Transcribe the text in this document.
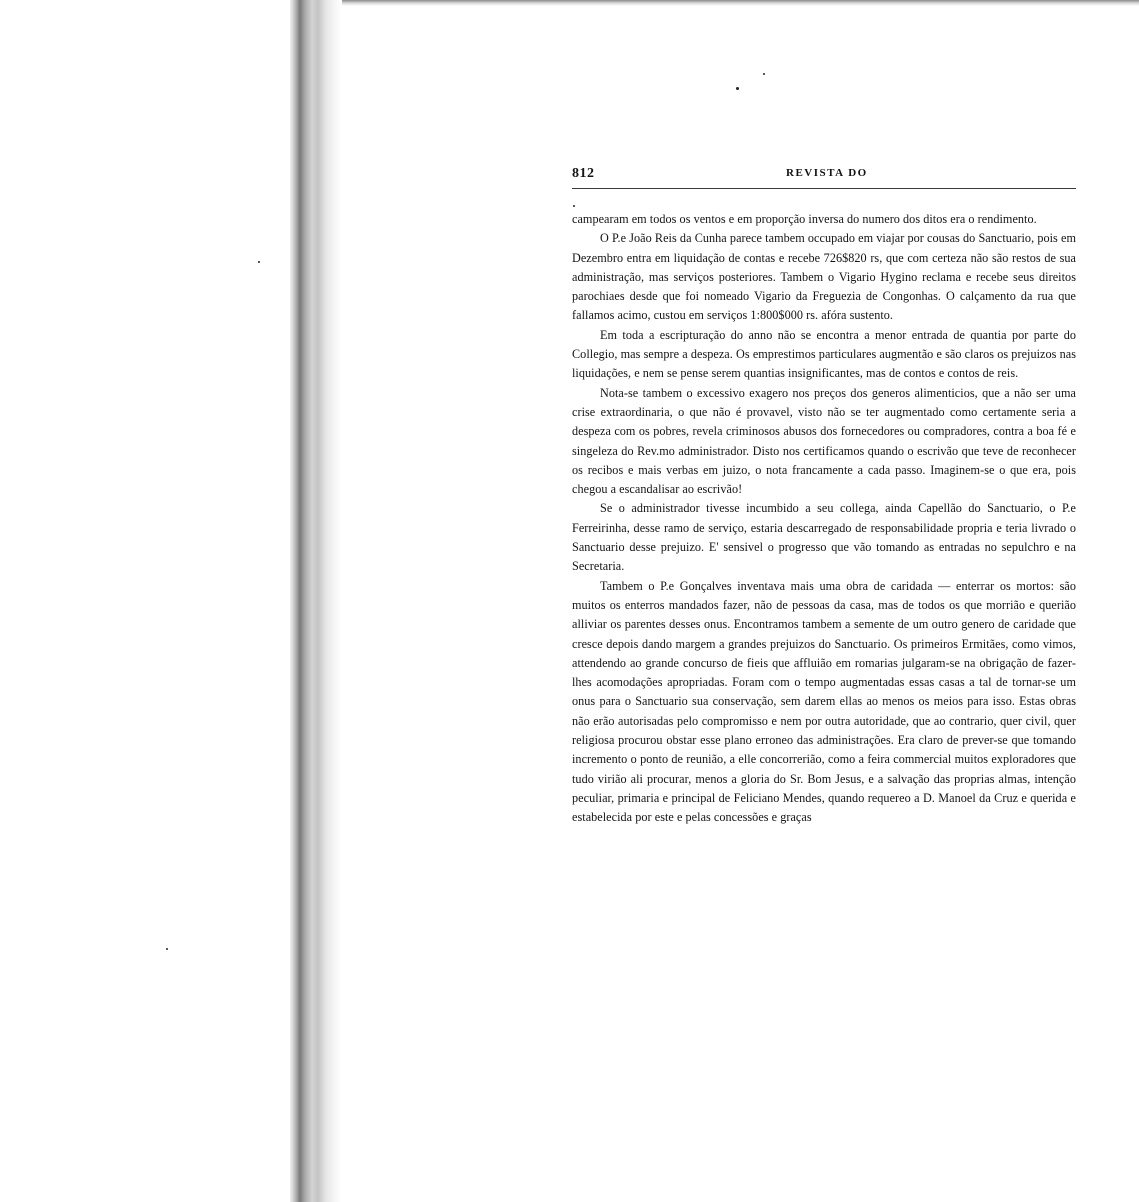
812	REVISTA DO

campearam em todos os ventos e em proporção inversa do numero dos ditos era o rendimento.

O P.e João Reis da Cunha parece tambem occupado em viajar por cousas do Sanctuario, pois em Dezembro entra em liquidação de contas e recebe 726$820 rs, que com certeza não são restos de sua administração, mas serviços posteriores. Tambem o Vigario Hygino reclama e recebe seus direitos parochiaes desde que foi nomeado Vigario da Freguezia de Congonhas. O calçamento da rua que fallamos acimo, custou em serviços 1:800$000 rs. afóra sustento.

Em toda a escripturação do anno não se encontra a menor entrada de quantia por parte do Collegio, mas sempre a despeza. Os emprestimos particulares augmentão e são claros os prejuizos nas liquidações, e nem se pense serem quantias insignificantes, mas de contos e contos de reis.

Nota-se tambem o excessivo exagero nos preços dos generos alimenticios, que a não ser uma crise extraordinaria, o que não é provavel, visto não se ter augmentado como certamente seria a despeza com os pobres, revela criminosos abusos dos fornecedores ou compradores, contra a boa fé e singeleza do Rev.mo administrador. Disto nos certificamos quando o escrivão que teve de reconhecer os recibos e mais verbas em juizo, o nota francamente a cada passo. Imaginem-se o que era, pois chegou a escandalisar ao escrivão!

Se o administrador tivesse incumbido a seu collega, ainda Capellão do Sanctuario, o P.e Ferreirinha, desse ramo de serviço, estaria descarregado de responsabilidade propria e teria livrado o Sanctuario desse prejuizo. E' sensivel o progresso que vão tomando as entradas no sepulchro e na Secretaria.

Tambem o P.e Gonçalves inventava mais uma obra de caridada — enterrar os mortos: são muitos os enterros mandados fazer, não de pessoas da casa, mas de todos os que morrião e querião alliviar os parentes desses onus. Encontramos tambem a semente de um outro genero de caridade que cresce depois dando margem a grandes prejuizos do Sanctuario. Os primeiros Ermitães, como vimos, attendendo ao grande concurso de fieis que affluião em romarias julgaram-se na obrigação de fazer-lhes acomodações apropriadas. Foram com o tempo augmentadas essas casas a tal de tornar-se um onus para o Sanctuario sua conservação, sem darem ellas ao menos os meios para isso. Estas obras não erão autorisadas pelo compromisso e nem por outra autoridade, que ao contrario, quer civil, quer religiosa procurou obstar esse plano erroneo das administrações. Era claro de prever-se que tomando incremento o ponto de reunião, a elle concorrerião, como a feira commercial muitos exploradores que tudo virião ali procurar, menos a gloria do Sr. Bom Jesus, e a salvação das proprias almas, intenção peculiar, primaria e principal de Feliciano Mendes, quando requereo a D. Manoel da Cruz e querida e estabelecida por este e pelas concessões e graças
